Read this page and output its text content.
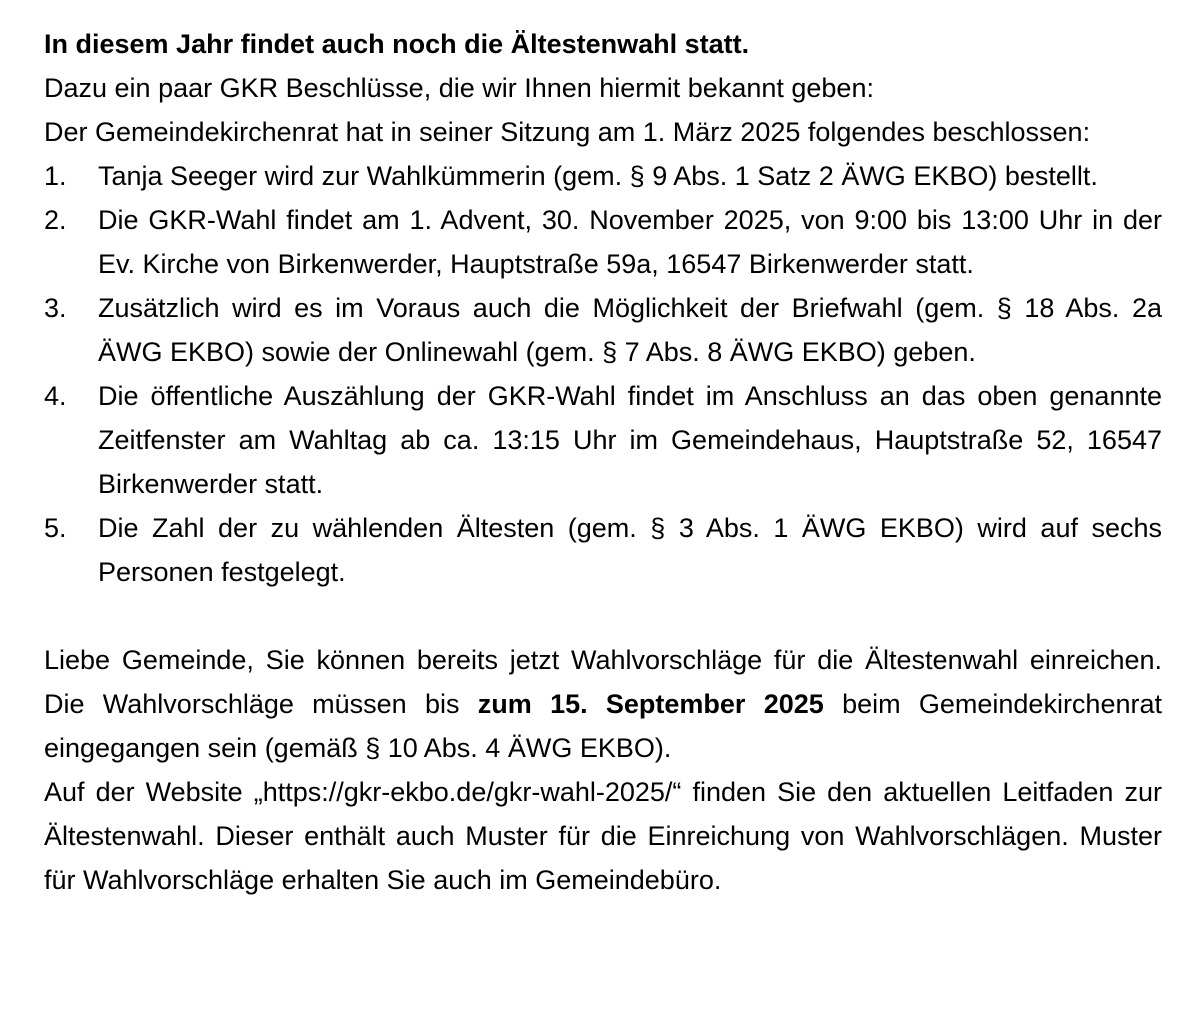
In diesem Jahr findet auch noch die Ältestenwahl statt.

Dazu ein paar GKR Beschlüsse, die wir Ihnen hiermit bekannt geben:

Der Gemeindekirchenrat hat in seiner Sitzung am 1. März 2025 folgendes beschlossen:

1. Tanja Seeger wird zur Wahlkümmerin (gem. § 9 Abs. 1 Satz 2 ÄWG EKBO) bestellt.
2. Die GKR-Wahl findet am 1. Advent, 30. November 2025, von 9:00 bis 13:00 Uhr in der Ev. Kirche von Birkenwerder, Hauptstraße 59a, 16547 Birkenwerder statt.
3. Zusätzlich wird es im Voraus auch die Möglichkeit der Briefwahl (gem. § 18 Abs. 2a ÄWG EKBO) sowie der Onlinewahl (gem. § 7 Abs. 8 ÄWG EKBO) geben.
4. Die öffentliche Auszählung der GKR-Wahl findet im Anschluss an das oben genannte Zeitfenster am Wahltag ab ca. 13:15 Uhr im Gemeindehaus, Hauptstraße 52, 16547 Birkenwerder statt.
5. Die Zahl der zu wählenden Ältesten (gem. § 3 Abs. 1 ÄWG EKBO) wird auf sechs Personen festgelegt.

Liebe Gemeinde, Sie können bereits jetzt Wahlvorschläge für die Ältestenwahl einreichen. Die Wahlvorschläge müssen bis zum 15. September 2025 beim Gemeindekirchenrat eingegangen sein (gemäß § 10 Abs. 4 ÄWG EKBO).

Auf der Website „https://gkr-ekbo.de/gkr-wahl-2025/“ finden Sie den aktuellen Leitfaden zur Ältestenwahl. Dieser enthält auch Muster für die Einreichung von Wahlvorschlägen. Muster für Wahlvorschläge erhalten Sie auch im Gemeindebüro.
